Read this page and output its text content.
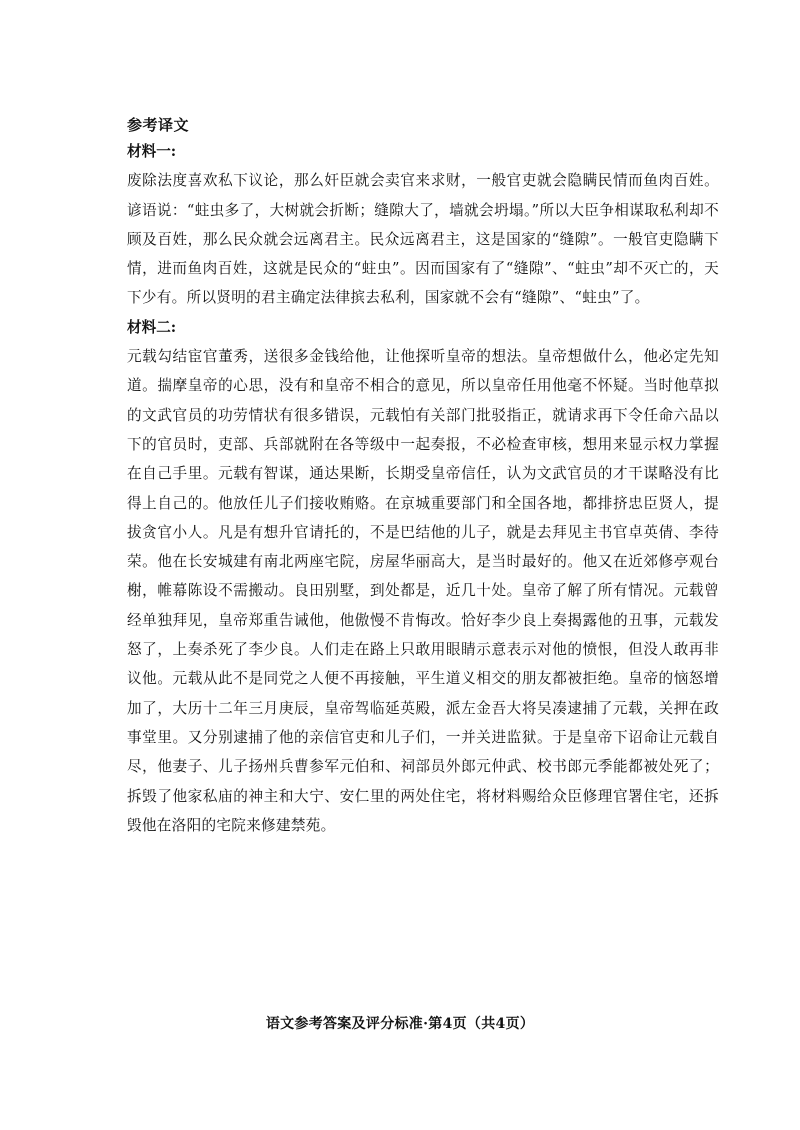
参考译文

材料一:

废除法度喜欢私下议论，那么奸臣就会卖官来求财，一般官吏就会隐瞒民情而鱼肉百姓。谚语说：“蛀虫多了，大树就会折断；缝隙大了，墙就会坍塌。”所以大臣争相谋取私利却不顾及百姓，那么民众就会远离君主。民众远离君主，这是国家的“缝隙”。一般官吏隐瞒下情，进而鱼肉百姓，这就是民众的“蛀虫”。因而国家有了“缝隙”、“蛀虫”却不灭亡的，天下少有。所以贤明的君主确定法律摈去私利，国家就不会有“缝隙”、“蛀虫”了。

材料二:

元载勾结宦官董秀，送很多金钱给他，让他探听皇帝的想法。皇帝想做什么，他必定先知道。揣摩皇帝的心思，没有和皇帝不相合的意见，所以皇帝任用他毫不怀疑。当时他草拟的文武官员的功劳情状有很多错误，元载怕有关部门批驳指正，就请求再下令任命六品以下的官员时，吏部、兵部就附在各等级中一起奏报，不必检查审核，想用来显示权力掌握在自己手里。元载有智谋，通达果断，长期受皇帝信任，认为文武官员的才干谋略没有比得上自己的。他放任儿子们接收贿赂。在京城重要部门和全国各地，都排挤忠臣贤人，提拔贪官小人。凡是有想升官请托的，不是巴结他的儿子，就是去拜见主书官卓英倩、李待荣。他在长安城建有南北两座宅院，房屋华丽高大，是当时最好的。他又在近郊修亭观台榭，帷幕陈设不需搬动。良田别墅，到处都是，近几十处。皇帝了解了所有情况。元载曾经单独拜见，皇帝郑重告诫他，他傲慢不肯悔改。恰好李少良上奏揭露他的丑事，元载发怒了，上奏杀死了李少良。人们走在路上只敢用眼睛示意表示对他的愤恨，但没人敢再非议他。元载从此不是同党之人便不再接触，平生道义相交的朋友都被拒绝。皇帝的恼怒增加了，大历十二年三月庚辰，皇帝驾临延英殿，派左金吾大将吴凑逮捕了元载，关押在政事堂里。又分别逮捕了他的亲信官吏和儿子们，一并关进监狱。于是皇帝下诏命让元载自尽，他妻子、儿子扬州兵曹参军元伯和、祠部员外郎元仲武、校书郎元季能都被处死了；拆毁了他家私庙的神主和大宁、安仁里的两处住宅，将材料赐给众臣修理官署住宅，还拆毁他在洛阳的宅院来修建禁苑。

语文参考答案及评分标准·第4页（共4页）
